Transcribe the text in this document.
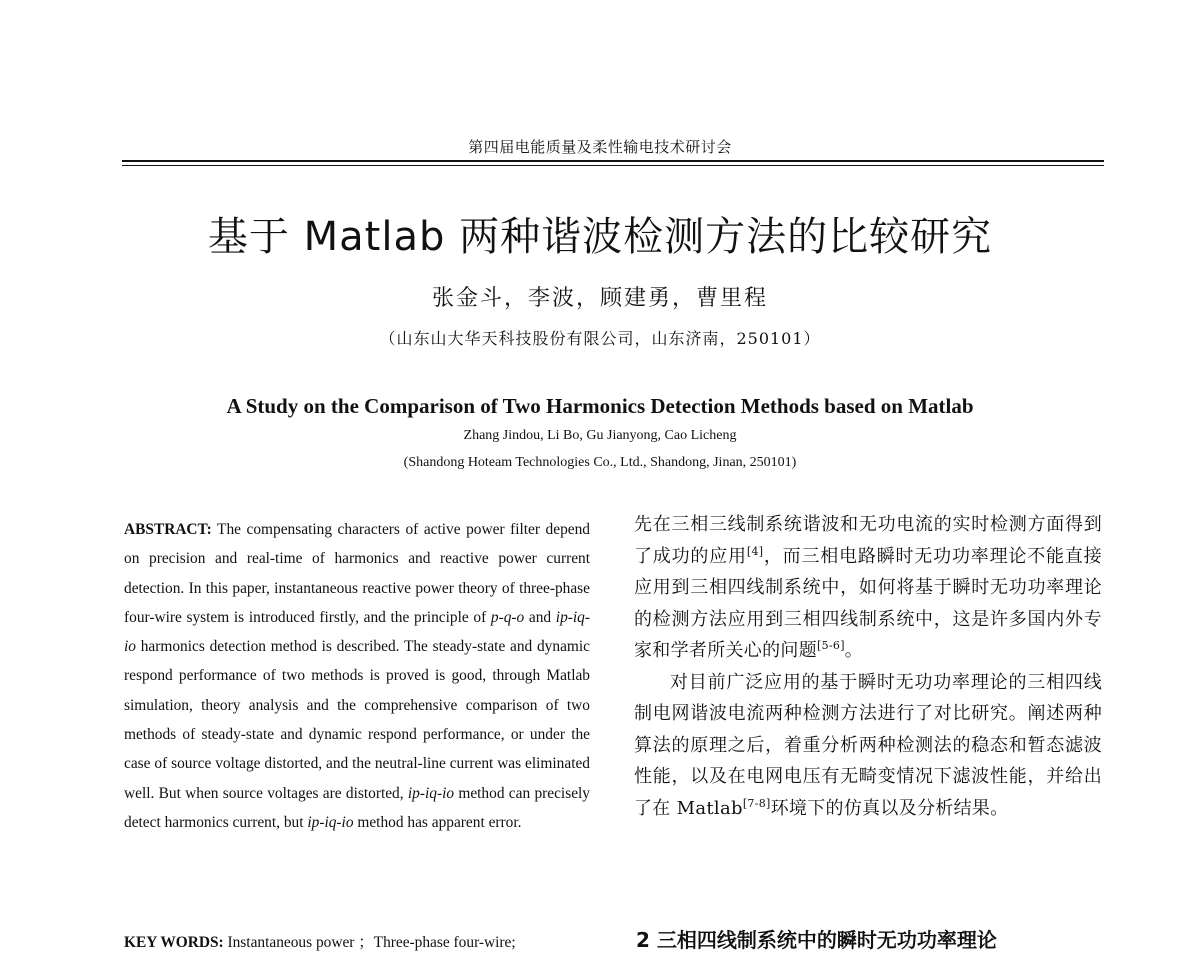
第四届电能质量及柔性输电技术研讨会
基于 Matlab 两种谐波检测方法的比较研究
张金斗，李波，顾建勇，曹里程
（山东山大华天科技股份有限公司，山东济南，250101）
A Study on the Comparison of Two Harmonics Detection Methods based on Matlab
Zhang Jindou, Li Bo, Gu Jianyong, Cao Licheng
(Shandong Hoteam Technologies Co., Ltd., Shandong, Jinan, 250101)
ABSTRACT: The compensating characters of active power filter depend on precision and real-time of harmonics and reactive power current detection. In this paper, instantaneous reactive power theory of three-phase four-wire system is introduced firstly, and the principle of p-q-o and ip-iq-io harmonics detection method is described. The steady-state and dynamic respond performance of two methods is proved is good, through Matlab simulation, theory analysis and the comprehensive comparison of two methods of steady-state and dynamic respond performance, or under the case of source voltage distorted, and the neutral-line current was eliminated well. But when source voltages are distorted, ip-iq-io method can precisely detect harmonics current, but ip-iq-io method has apparent error.
KEY WORDS: Instantaneous power ；Three-phase four-wire;

先在三相三线制系统谐波和无功电流的实时检测方面得到了成功的应用[4]，而三相电路瞬时无功功率理论不能直接应用到三相四线制系统中，如何将基于瞬时无功功率理论的检测方法应用到三相四线制系统中，这是许多国内外专家和学者所关心的问题[5-6]。

对目前广泛应用的基于瞬时无功功率理论的三相四线制电网谐波电流两种检测方法进行了对比研究。阐述两种算法的原理之后，着重分析两种检测法的稳态和暂态滤波性能，以及在电网电压有无畸变情况下滤波性能，并给出了在 Matlab[7-8]环境下的仿真以及分析结果。

2 三相四线制系统中的瞬时无功功率理论
